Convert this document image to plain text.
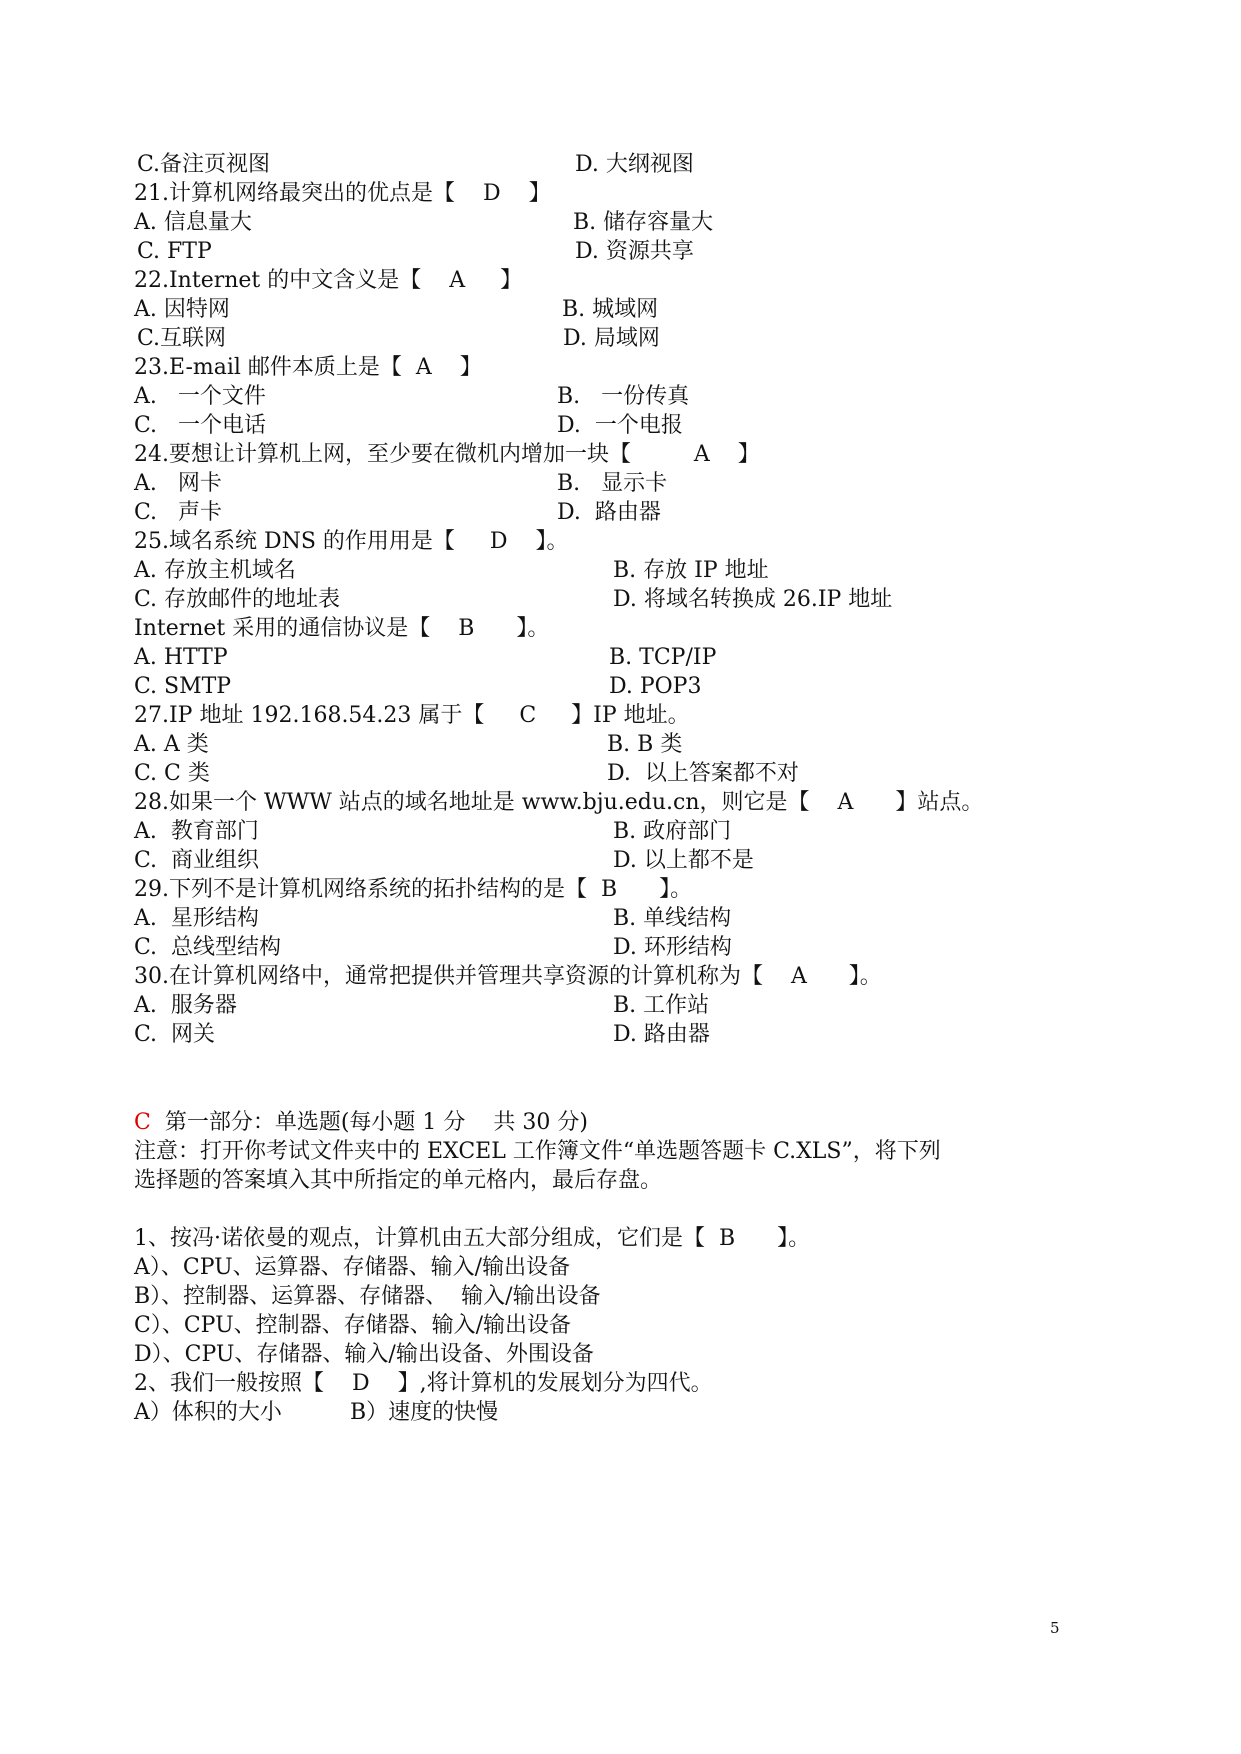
C.备注页视图	D. 大纲视图
21.计算机网络最突出的优点是【    D    】
A. 信息量大	B. 储存容量大
C. FTP	D. 资源共享
22.Internet 的中文含义是【    A     】
A. 因特网	B. 城域网
C.互联网	D. 局域网
23.E-mail 邮件本质上是【  A    】
A.   一个文件	B.   一份传真
C.   一个电话	D.  一个电报
24.要想让计算机上网，至少要在微机内增加一块【         A    】
A.   网卡	B.   显示卡
C.   声卡	D.  路由器
25.域名系统 DNS 的作用用是【     D    】。
A. 存放主机域名	B. 存放 IP 地址
C. 存放邮件的地址表	D. 将域名转换成 26.IP 地址
Internet 采用的通信协议是【    B      】。
A. HTTP	B. TCP/IP
C. SMTP	D. POP3
27.IP 地址 192.168.54.23 属于【     C     】IP 地址。
A. A 类	B. B 类
C. C 类	D.  以上答案都不对
28.如果一个 WWW 站点的域名地址是 www.bju.edu.cn，则它是【    A      】站点。
A.  教育部门	B. 政府部门
C.  商业组织	D. 以上都不是
29.下列不是计算机网络系统的拓扑结构的是【  B      】。
A.  星形结构	B. 单线结构
C.  总线型结构	D. 环形结构
30.在计算机网络中，通常把提供并管理共享资源的计算机称为【    A      】。
A.  服务器	B. 工作站
C.  网关	D. 路由器
C  第一部分：单选题(每小题 1 分    共 30 分)
注意：打开你考试文件夹中的 EXCEL 工作簿文件“单选题答题卡 C.XLS”，将下列
选择题的答案填入其中所指定的单元格内，最后存盘。
1、按冯·诺依曼的观点，计算机由五大部分组成，它们是【  B      】。
A）、CPU、运算器、存储器、输入/输出设备
B）、控制器、运算器、存储器、  输入/输出设备
C）、CPU、控制器、存储器、输入/输出设备
D）、CPU、存储器、输入/输出设备、外围设备
2、我们一般按照【    D    】,将计算机的发展划分为四代。
A）体积的大小	B）速度的快慢
5
